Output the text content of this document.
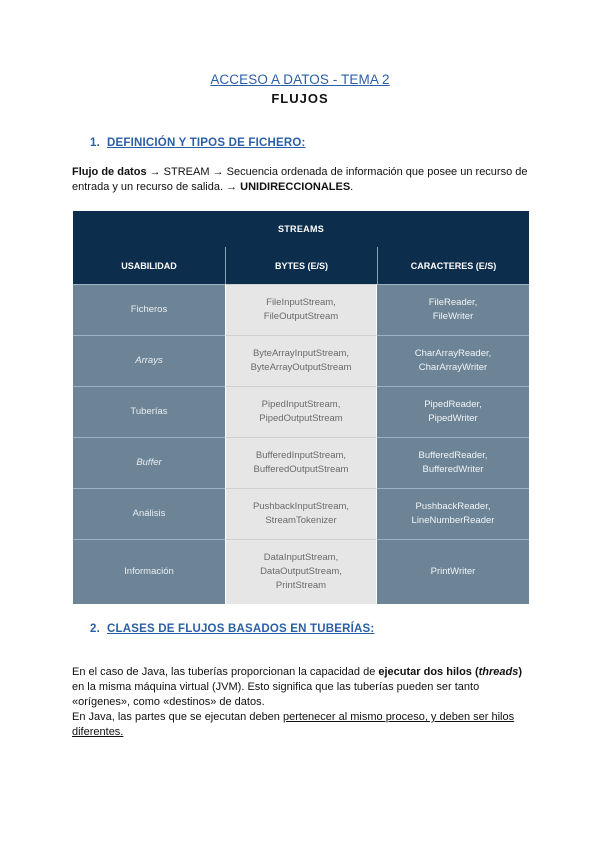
ACCESO A DATOS - TEMA 2
FLUJOS
1. DEFINICIÓN Y TIPOS DE FICHERO:
Flujo de datos → STREAM → Secuencia ordenada de información que posee un recurso de entrada y un recurso de salida. → UNIDIRECCIONALES.
STREAMS
USABILIDAD	BYTES (E/S)	CARACTERES (E/S)
Ficheros
FileInputStream,
FileOutputStream
FileReader,
FileWriter
Arrays
ByteArrayInputStream,
ByteArrayOutputStream
CharArrayReader,
CharArrayWriter
Tuberías
PipedInputStream,
PipedOutputStream
PipedReader,
PipedWriter
Buffer
BufferedInputStream,
BufferedOutputStream
BufferedReader,
BufferedWriter
Análisis
PushbackInputStream,
StreamTokenizer
PushbackReader,
LineNumberReader
Información
DataInputStream,
DataOutputStream,
PrintStream
PrintWriter
2. CLASES DE FLUJOS BASADOS EN TUBERÍAS:
En el caso de Java, las tuberías proporcionan la capacidad de ejecutar dos hilos (threads) en la misma máquina virtual (JVM). Esto significa que las tuberías pueden ser tanto «orígenes», como «destinos» de datos.
En Java, las partes que se ejecutan deben pertenecer al mismo proceso, y deben ser hilos diferentes.
